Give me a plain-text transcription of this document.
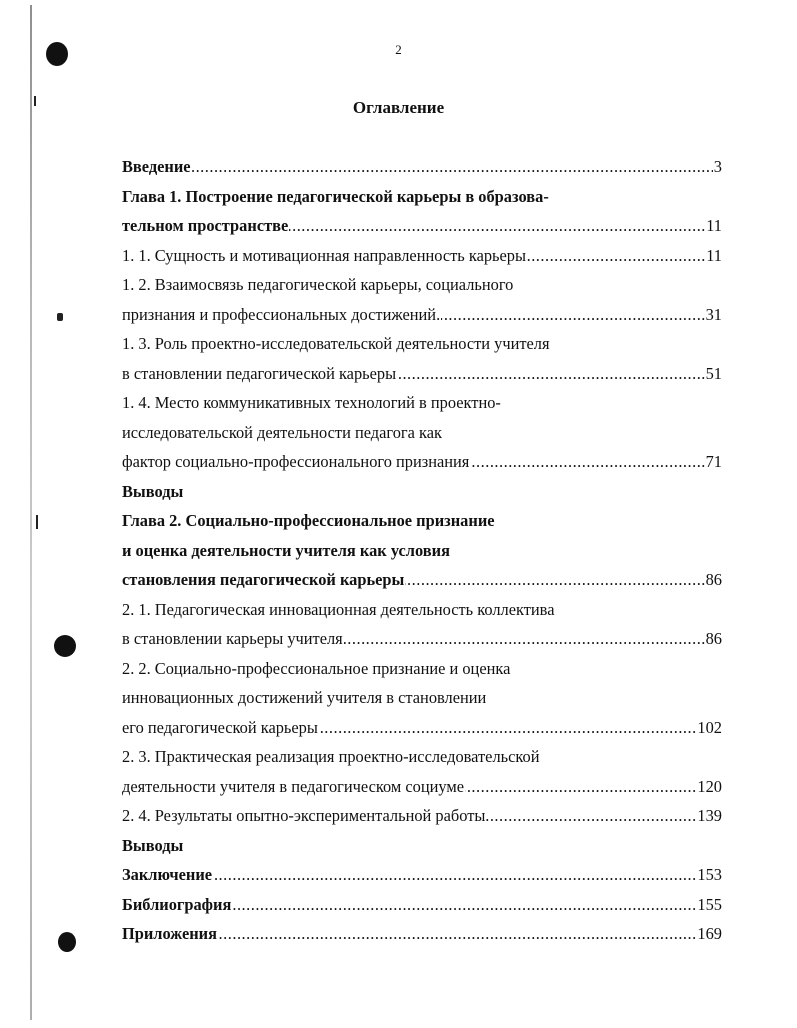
2
Оглавление
.....
Введение	3
Глава 1. Построение педагогической карьеры в образова-
.....
тельном пространстве	11
.....
1. 1. Сущность и мотивационная направленность карьеры	11
1. 2. Взаимосвязь педагогической карьеры, социального
.....
признания и профессиональных достижений.	31
1. 3. Роль проектно-исследовательской деятельности учителя
.....
в становлении педагогической карьеры	51
1. 4. Место коммуникативных технологий в проектно-
исследовательской деятельности педагога как
.....
фактор социально-профессионального признания	71
Выводы
Глава 2. Социально-профессиональное признание
и оценка деятельности учителя как условия
.....
становления педагогической карьеры	86
2. 1. Педагогическая инновационная деятельность коллектива
.....
в становлении карьеры учителя	86
2. 2. Социально-профессиональное признание и оценка
инновационных достижений учителя в становлении
.....
его педагогической карьеры	102
2. 3. Практическая реализация проектно-исследовательской
.....
деятельности учителя в педагогическом социуме	120
.....
2. 4. Результаты опытно-экспериментальной работы	139
Выводы
.....
Заключение	153
.....
Библиография	155
.....
Приложения	169
